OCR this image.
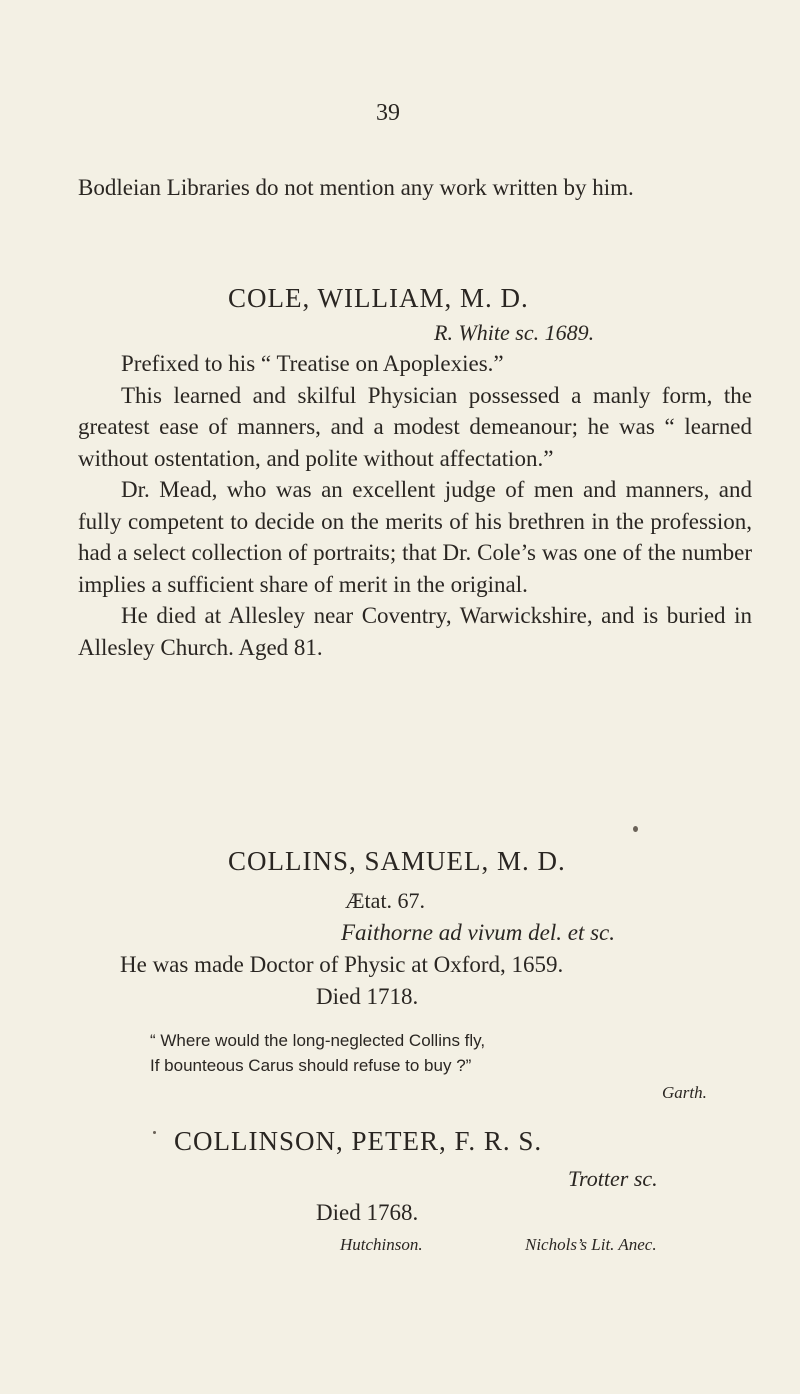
39

Bodleian Libraries do not mention any work written by him.

COLE, WILLIAM, M. D.
R. White sc. 1689.

Prefixed to his “ Treatise on Apoplexies.”

This learned and skilful Physician possessed a manly form, the greatest ease of manners, and a modest demeanour; he was “ learned without ostentation, and polite without affectation.”

Dr. Mead, who was an excellent judge of men and manners, and fully competent to decide on the merits of his brethren in the profession, had a select collection of portraits; that Dr. Cole’s was one of the number implies a sufficient share of merit in the original.

He died at Allesley near Coventry, Warwickshire, and is buried in Allesley Church. Aged 81.

COLLINS, SAMUEL, M. D.
Ætat. 67.
Faithorne ad vivum del. et sc.
He was made Doctor of Physic at Oxford, 1659.
Died 1718.
“ Where would the long-neglected Collins fly,
If bounteous Carus should refuse to buy ?”
Garth.
COLLINSON, PETER, F. R. S.
Trotter sc.
Died 1768.
Hutchinson.	Nichols’s Lit. Anec.
